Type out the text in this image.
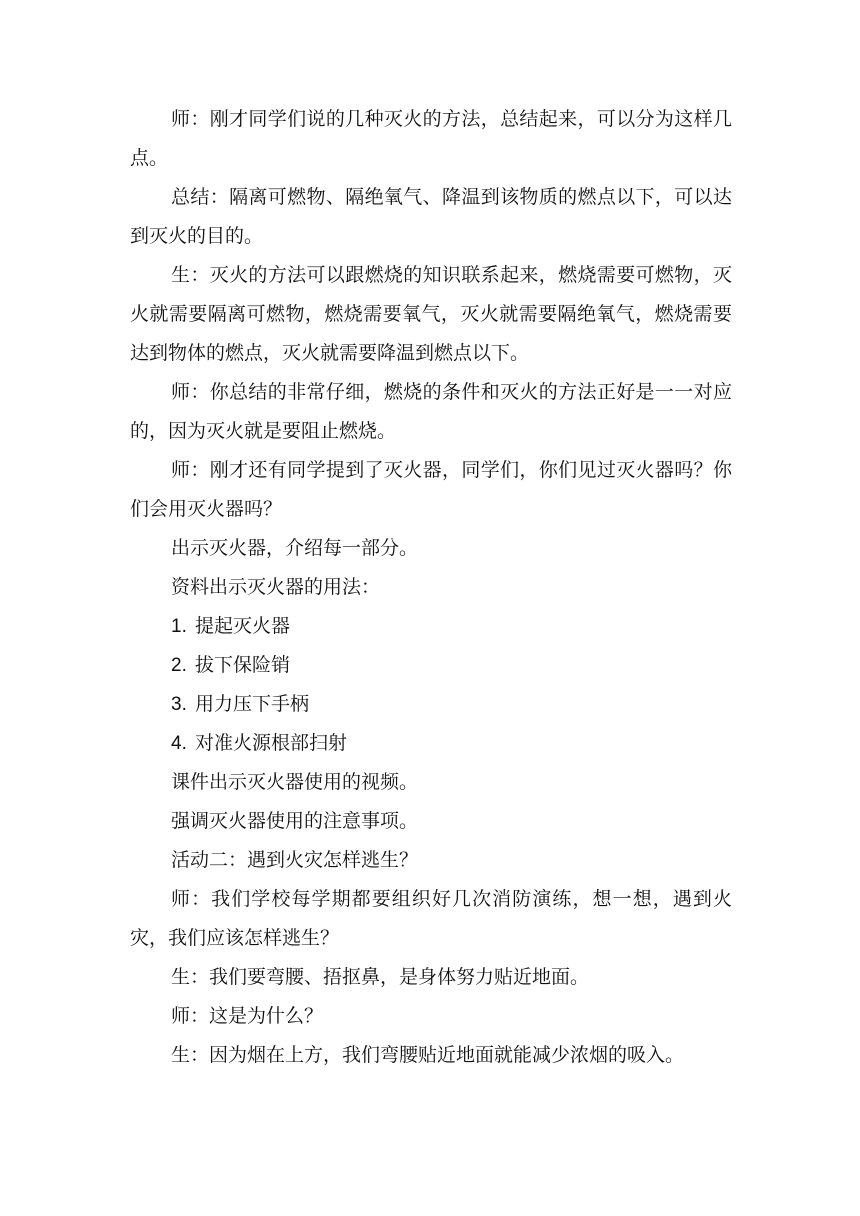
师：刚才同学们说的几种灭火的方法，总结起来，可以分为这样几点。

总结：隔离可燃物、隔绝氧气、降温到该物质的燃点以下，可以达到灭火的目的。

生：灭火的方法可以跟燃烧的知识联系起来，燃烧需要可燃物，灭火就需要隔离可燃物，燃烧需要氧气，灭火就需要隔绝氧气，燃烧需要达到物体的燃点，灭火就需要降温到燃点以下。

师：你总结的非常仔细，燃烧的条件和灭火的方法正好是一一对应的，因为灭火就是要阻止燃烧。

师：刚才还有同学提到了灭火器，同学们，你们见过灭火器吗？你们会用灭火器吗？

出示灭火器，介绍每一部分。

资料出示灭火器的用法：

1. 提起灭火器
2. 拔下保险销
3. 用力压下手柄
4. 对准火源根部扫射

课件出示灭火器使用的视频。

强调灭火器使用的注意事项。

活动二：遇到火灾怎样逃生？

师：我们学校每学期都要组织好几次消防演练，想一想，遇到火灾，我们应该怎样逃生？

生：我们要弯腰、捂抠鼻，是身体努力贴近地面。

师：这是为什么？

生：因为烟在上方，我们弯腰贴近地面就能减少浓烟的吸入。
